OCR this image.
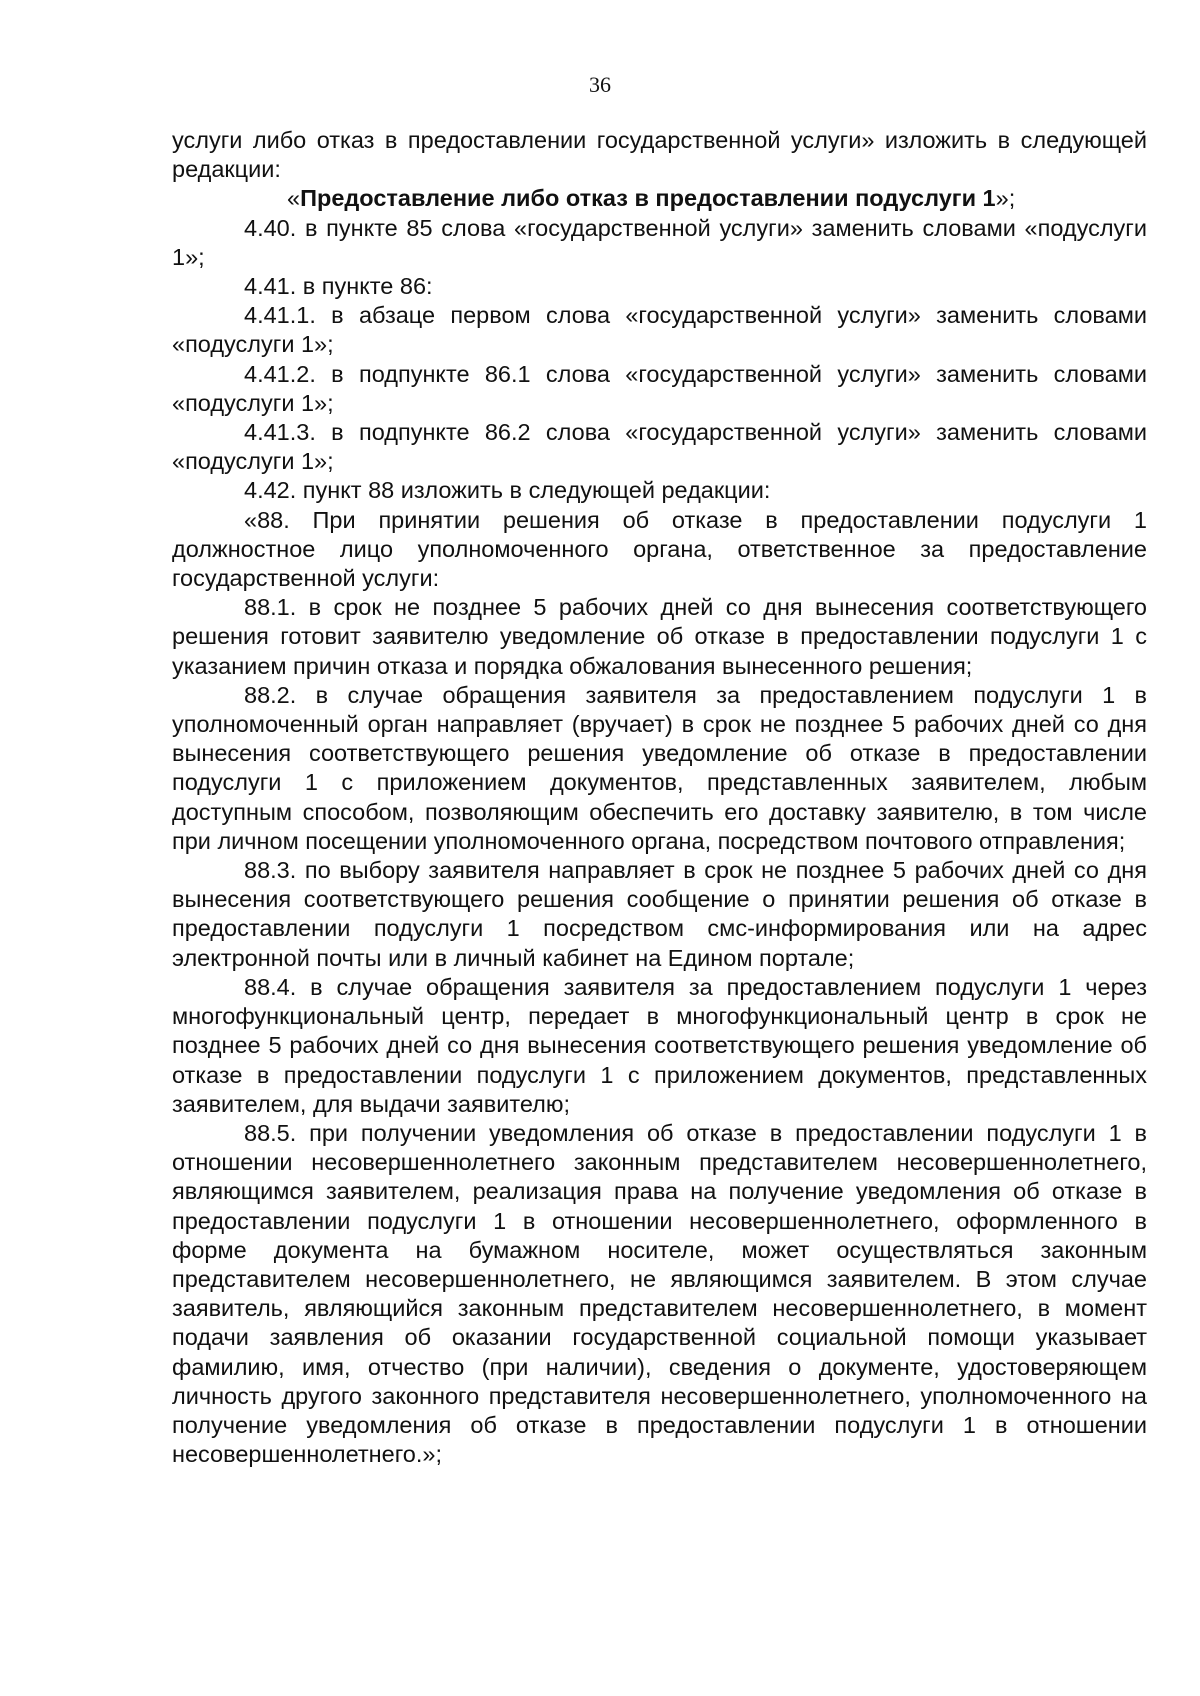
36

услуги либо отказ в предоставлении государственной услуги» изложить в следующей редакции:

«Предоставление либо отказ в предоставлении подуслуги 1»;

4.40. в пункте 85 слова «государственной услуги» заменить словами «подуслуги 1»;

4.41. в пункте 86:

4.41.1. в абзаце первом слова «государственной услуги» заменить словами «подуслуги 1»;

4.41.2. в подпункте 86.1 слова «государственной услуги» заменить словами «подуслуги 1»;

4.41.3. в подпункте 86.2 слова «государственной услуги» заменить словами «подуслуги 1»;

4.42. пункт 88 изложить в следующей редакции:

«88. При принятии решения об отказе в предоставлении подуслуги 1 должностное лицо уполномоченного органа, ответственное за предоставление государственной услуги:

88.1. в срок не позднее 5 рабочих дней со дня вынесения соответствующего решения готовит заявителю уведомление об отказе в предоставлении подуслуги 1 с указанием причин отказа и порядка обжалования вынесенного решения;

88.2. в случае обращения заявителя за предоставлением подуслуги 1 в уполномоченный орган направляет (вручает) в срок не позднее 5 рабочих дней со дня вынесения соответствующего решения уведомление об отказе в предоставлении подуслуги 1 с приложением документов, представленных заявителем, любым доступным способом, позволяющим обеспечить его доставку заявителю, в том числе при личном посещении уполномоченного органа, посредством почтового отправления;

88.3. по выбору заявителя направляет в срок не позднее 5 рабочих дней со дня вынесения соответствующего решения сообщение о принятии решения об отказе в предоставлении подуслуги 1 посредством смс-информирования или на адрес электронной почты или в личный кабинет на Едином портале;

88.4. в случае обращения заявителя за предоставлением подуслуги 1 через многофункциональный центр, передает в многофункциональный центр в срок не позднее 5 рабочих дней со дня вынесения соответствующего решения уведомление об отказе в предоставлении подуслуги 1 с приложением документов, представленных заявителем, для выдачи заявителю;

88.5. при получении уведомления об отказе в предоставлении подуслуги 1 в отношении несовершеннолетнего законным представителем несовершеннолетнего, являющимся заявителем, реализация права на получение уведомления об отказе в предоставлении подуслуги 1 в отношении несовершеннолетнего, оформленного в форме документа на бумажном носителе, может осуществляться законным представителем несовершеннолетнего, не являющимся заявителем. В этом случае заявитель, являющийся законным представителем несовершеннолетнего, в момент подачи заявления об оказании государственной социальной помощи указывает фамилию, имя, отчество (при наличии), сведения о документе, удостоверяющем личность другого законного представителя несовершеннолетнего, уполномоченного на получение уведомления об отказе в предоставлении подуслуги 1 в отношении несовершеннолетнего.»;
